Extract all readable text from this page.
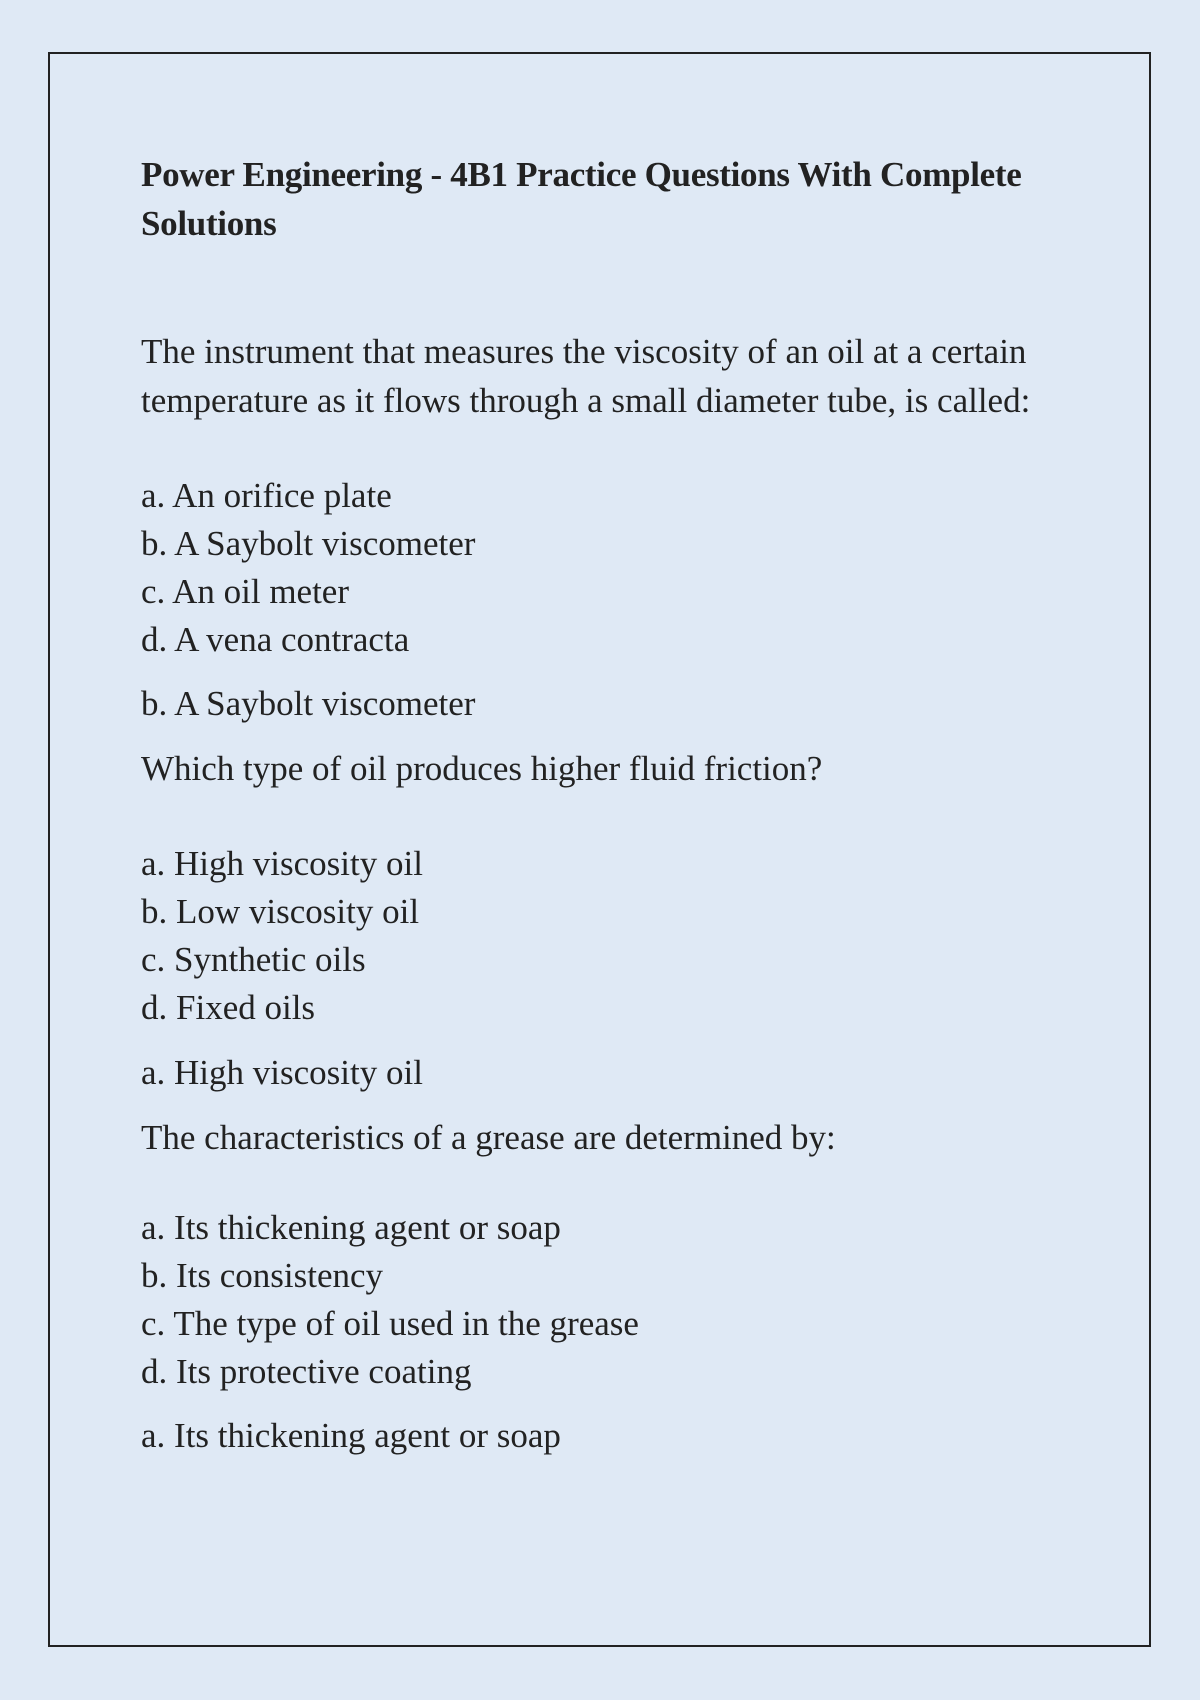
Power Engineering - 4B1 Practice Questions With Complete Solutions

The instrument that measures the viscosity of an oil at a certain temperature as it flows through a small diameter tube, is called:

a. An orifice plate
b. A Saybolt viscometer
c. An oil meter
d. A vena contracta

b. A Saybolt viscometer

Which type of oil produces higher fluid friction?

a. High viscosity oil
b. Low viscosity oil
c. Synthetic oils
d. Fixed oils

a. High viscosity oil

The characteristics of a grease are determined by:

a. Its thickening agent or soap
b. Its consistency
c. The type of oil used in the grease
d. Its protective coating

a. Its thickening agent or soap
